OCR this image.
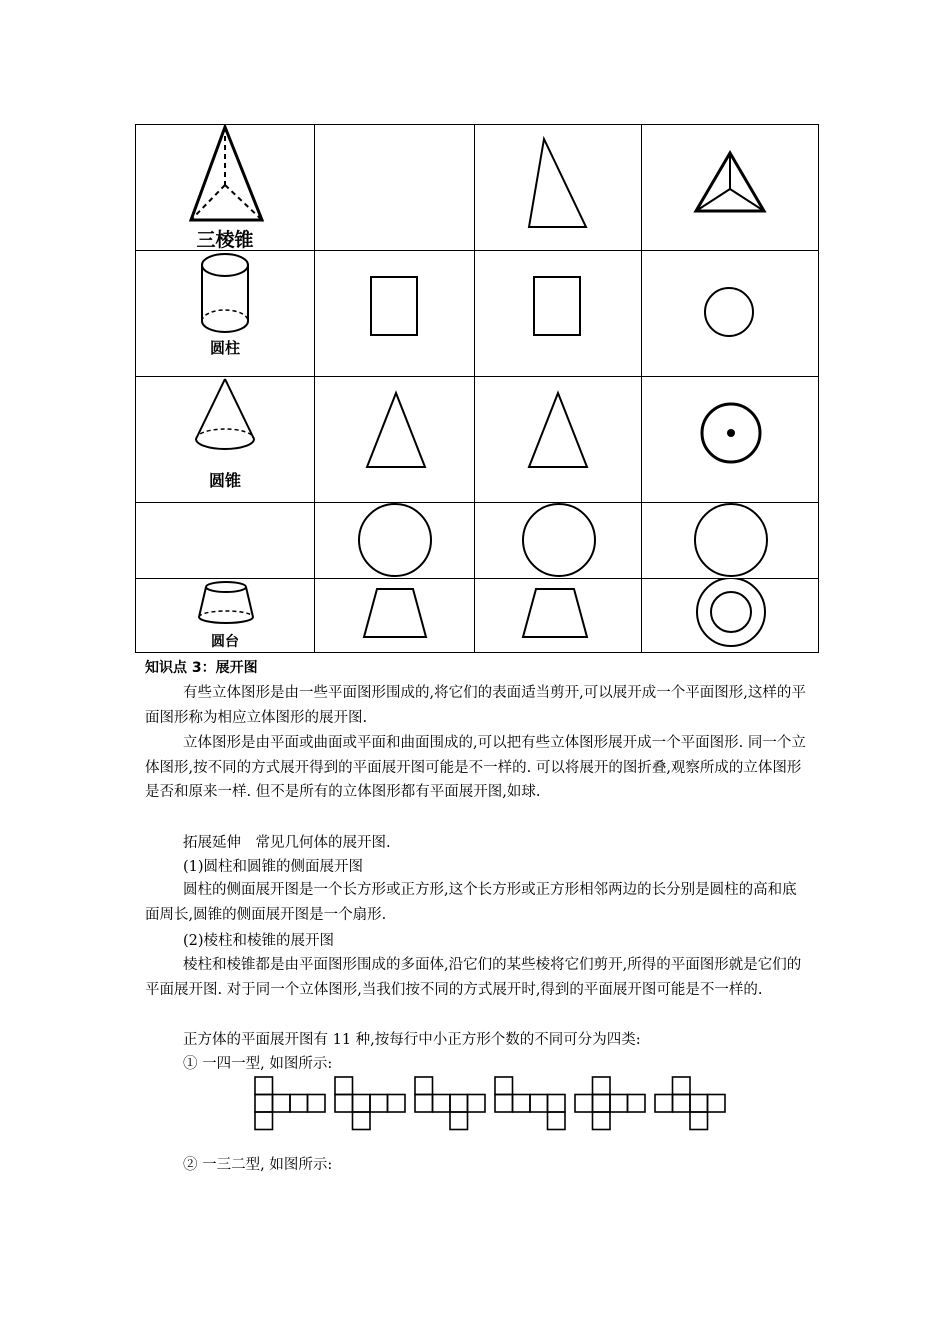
三棱锥

圆柱

圆锥

圆台

知识点 3：展开图
有些立体图形是由一些平面图形围成的,将它们的表面适当剪开,可以展开成一个平面图形,这样的平面图形称为相应立体图形的展开图.
立体图形是由平面或曲面或平面和曲面围成的,可以把有些立体图形展开成一个平面图形. 同一个立体图形,按不同的方式展开得到的平面展开图可能是不一样的. 可以将展开的图折叠,观察所成的立体图形是否和原来一样. 但不是所有的立体图形都有平面展开图,如球.
拓展延伸　常见几何体的展开图.
(1)圆柱和圆锥的侧面展开图
圆柱的侧面展开图是一个长方形或正方形,这个长方形或正方形相邻两边的长分别是圆柱的高和底面周长,圆锥的侧面展开图是一个扇形.
(2)棱柱和棱锥的展开图
棱柱和棱锥都是由平面图形围成的多面体,沿它们的某些棱将它们剪开,所得的平面图形就是它们的平面展开图. 对于同一个立体图形,当我们按不同的方式展开时,得到的平面展开图可能是不一样的.
正方体的平面展开图有 11 种,按每行中小正方形个数的不同可分为四类:
① 一四一型, 如图所示:
② 一三二型, 如图所示:
